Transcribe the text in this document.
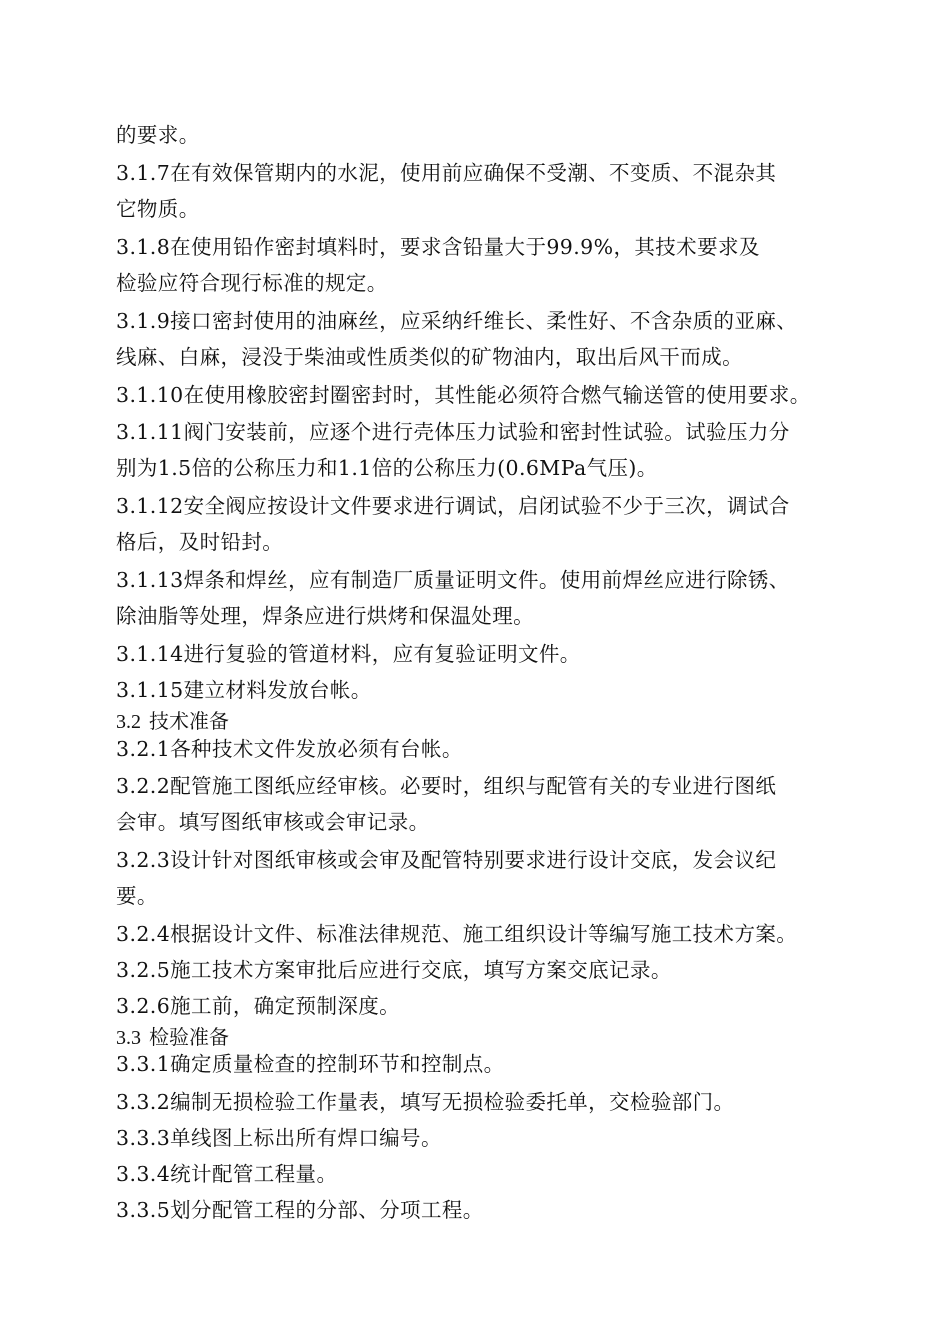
的要求。
3.1.7在有效保管期内的水泥，使用前应确保不受潮、不变质、不混杂其
它物质。
3.1.8在使用铅作密封填料时，要求含铅量大于99.9%，其技术要求及
检验应符合现行标准的规定。
3.1.9接口密封使用的油麻丝，应采纳纤维长、柔性好、不含杂质的亚麻、
线麻、白麻，浸没于柴油或性质类似的矿物油内，取出后风干而成。
3.1.10在使用橡胶密封圈密封时，其性能必须符合燃气输送管的使用要求。
3.1.11阀门安装前，应逐个进行壳体压力试验和密封性试验。试验压力分
别为1.5倍的公称压力和1.1倍的公称压力(0.6MPa气压)。
3.1.12安全阀应按设计文件要求进行调试，启闭试验不少于三次，调试合
格后，及时铅封。
3.1.13焊条和焊丝，应有制造厂质量证明文件。使用前焊丝应进行除锈、
除油脂等处理，焊条应进行烘烤和保温处理。
3.1.14进行复验的管道材料，应有复验证明文件。
3.1.15建立材料发放台帐。
3.2 技术准备
3.2.1各种技术文件发放必须有台帐。
3.2.2配管施工图纸应经审核。必要时，组织与配管有关的专业进行图纸
会审。填写图纸审核或会审记录。
3.2.3设计针对图纸审核或会审及配管特别要求进行设计交底，发会议纪
要。
3.2.4根据设计文件、标准法律规范、施工组织设计等编写施工技术方案。
3.2.5施工技术方案审批后应进行交底，填写方案交底记录。
3.2.6施工前，确定预制深度。
3.3 检验准备
3.3.1确定质量检查的控制环节和控制点。
3.3.2编制无损检验工作量表，填写无损检验委托单，交检验部门。
3.3.3单线图上标出所有焊口编号。
3.3.4统计配管工程量。
3.3.5划分配管工程的分部、分项工程。
